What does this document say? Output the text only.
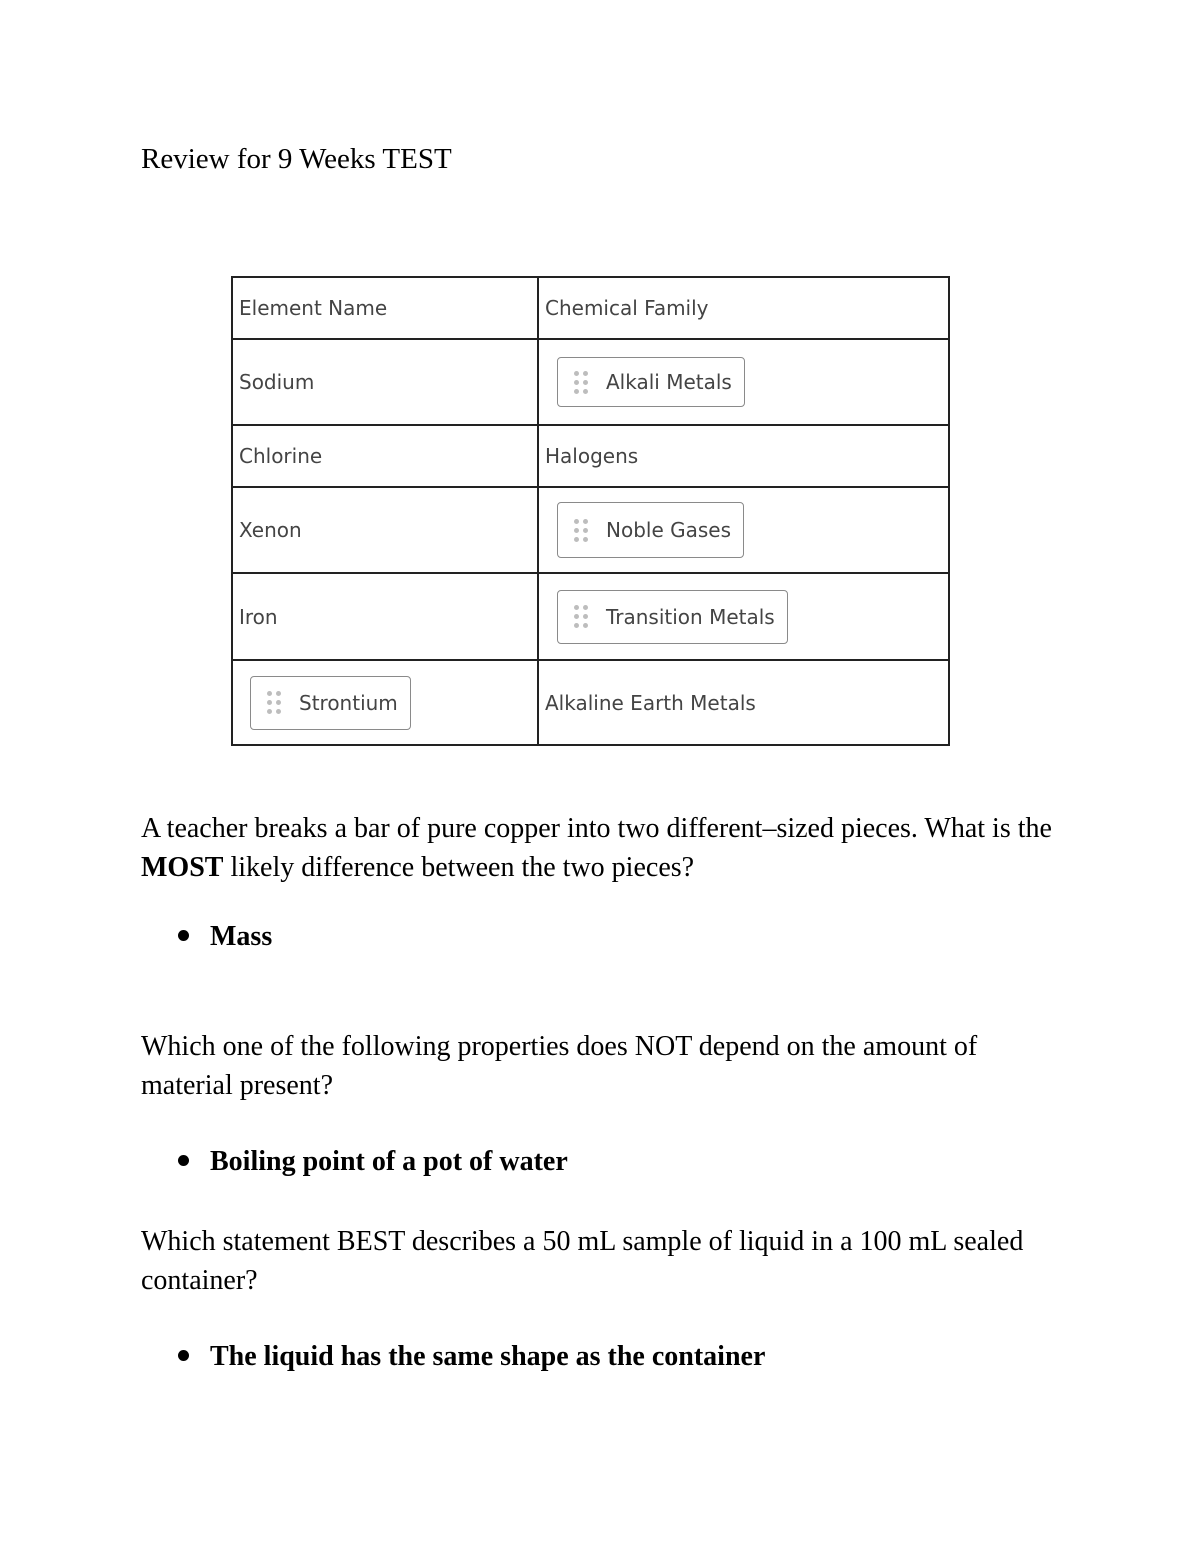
Review for 9 Weeks TEST
Element Name	Chemical Family
Sodium	Alkali Metals

Chlorine	Halogens
Xenon	Noble Gases

Iron	Transition Metals

Strontium	Alkaline Earth Metals
A teacher breaks a bar of pure copper into two different–sized pieces. What is the MOST likely difference between the two pieces?
Mass
Which one of the following properties does NOT depend on the amount of material present?
Boiling point of a pot of water
Which statement BEST describes a 50 mL sample of liquid in a 100 mL sealed container?
The liquid has the same shape as the container
